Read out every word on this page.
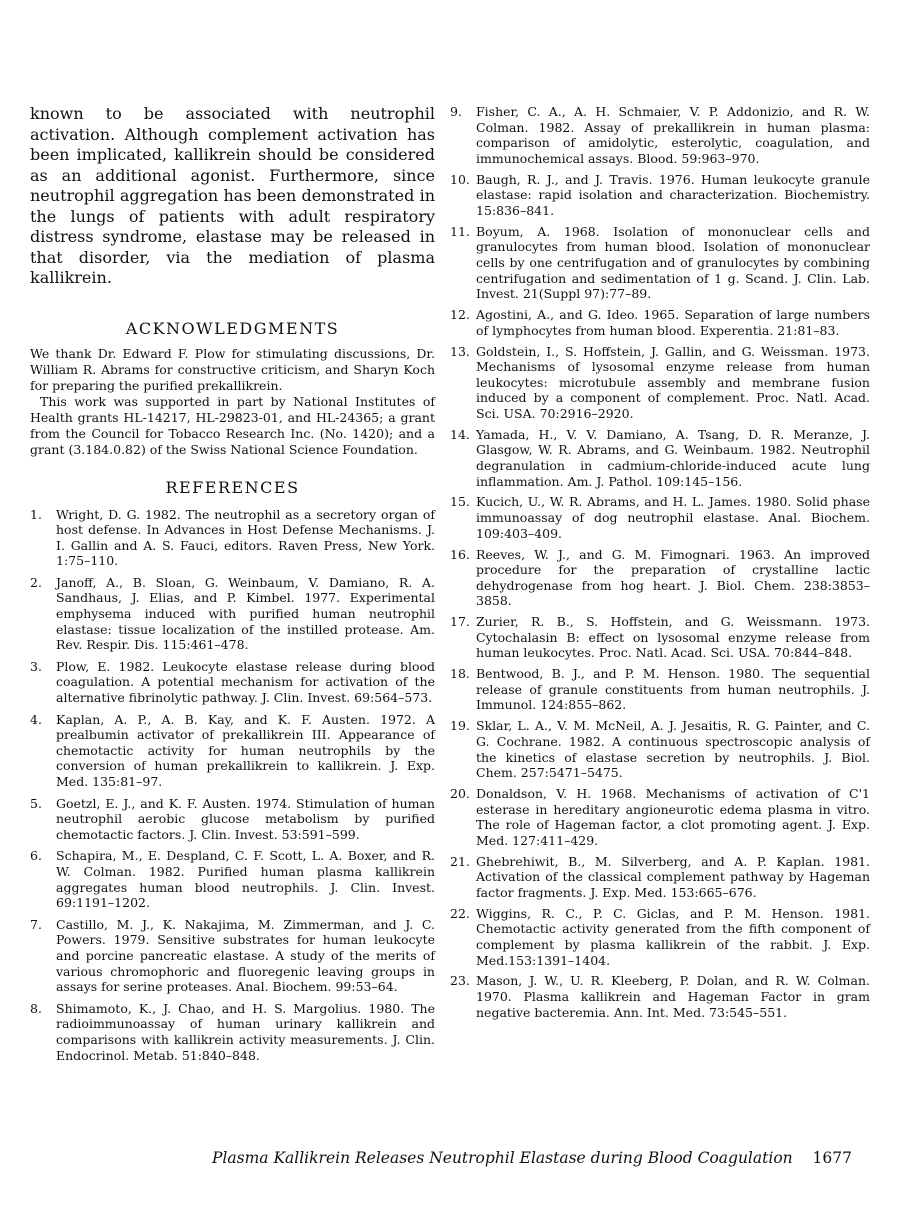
known to be associated with neutrophil activation. Although complement activation has been implicated, kallikrein should be considered as an additional agonist. Furthermore, since neutrophil aggregation has been demonstrated in the lungs of patients with adult respiratory distress syndrome, elastase may be released in that disorder, via the mediation of plasma kallikrein.

ACKNOWLEDGMENTS

We thank Dr. Edward F. Plow for stimulating discussions, Dr. William R. Abrams for constructive criticism, and Sharyn Koch for preparing the purified prekallikrein.

This work was supported in part by National Institutes of Health grants HL-14217, HL-29823-01, and HL-24365; a grant from the Council for Tobacco Research Inc. (No. 1420); and a grant (3.184.0.82) of the Swiss National Science Foundation.

REFERENCES
1.	Wright, D. G. 1982. The neutrophil as a secretory organ of host defense. In Advances in Host Defense Mechanisms. J. I. Gallin and A. S. Fauci, editors. Raven Press, New York. 1:75–110.
2.	Janoff, A., B. Sloan, G. Weinbaum, V. Damiano, R. A. Sandhaus, J. Elias, and P. Kimbel. 1977. Experimental emphysema induced with purified human neutrophil elastase: tissue localization of the instilled protease. Am. Rev. Respir. Dis. 115:461–478.
3.	Plow, E. 1982. Leukocyte elastase release during blood coagulation. A potential mechanism for activation of the alternative fibrinolytic pathway. J. Clin. Invest. 69:564–573.
4.	Kaplan, A. P., A. B. Kay, and K. F. Austen. 1972. A prealbumin activator of prekallikrein III. Appearance of chemotactic activity for human neutrophils by the conversion of human prekallikrein to kallikrein. J. Exp. Med. 135:81–97.
5.	Goetzl, E. J., and K. F. Austen. 1974. Stimulation of human neutrophil aerobic glucose metabolism by purified chemotactic factors. J. Clin. Invest. 53:591–599.
6.	Schapira, M., E. Despland, C. F. Scott, L. A. Boxer, and R. W. Colman. 1982. Purified human plasma kallikrein aggregates human blood neutrophils. J. Clin. Invest. 69:1191–1202.
7.	Castillo, M. J., K. Nakajima, M. Zimmerman, and J. C. Powers. 1979. Sensitive substrates for human leukocyte and porcine pancreatic elastase. A study of the merits of various chromophoric and fluoregenic leaving groups in assays for serine proteases. Anal. Biochem. 99:53–64.
8.	Shimamoto, K., J. Chao, and H. S. Margolius. 1980. The radioimmunoassay of human urinary kallikrein and comparisons with kallikrein activity measurements. J. Clin. Endocrinol. Metab. 51:840–848.
9.	Fisher, C. A., A. H. Schmaier, V. P. Addonizio, and R. W. Colman. 1982. Assay of prekallikrein in human plasma: comparison of amidolytic, esterolytic, coagulation, and immunochemical assays. Blood. 59:963–970.
10. Baugh, R. J., and J. Travis. 1976. Human leukocyte granule elastase: rapid isolation and characterization. Biochemistry. 15:836–841.
11. Boyum, A. 1968. Isolation of mononuclear cells and granulocytes from human blood. Isolation of mononuclear cells by one centrifugation and of granulocytes by combining centrifugation and sedimentation of 1 g. Scand. J. Clin. Lab. Invest. 21(Suppl 97):77–89.
12. Agostini, A., and G. Ideo. 1965. Separation of large numbers of lymphocytes from human blood. Experentia. 21:81–83.
13. Goldstein, I., S. Hoffstein, J. Gallin, and G. Weissman. 1973. Mechanisms of lysosomal enzyme release from human leukocytes: microtubule assembly and membrane fusion induced by a component of complement. Proc. Natl. Acad. Sci. USA. 70:2916–2920.
14. Yamada, H., V. V. Damiano, A. Tsang, D. R. Meranze, J. Glasgow, W. R. Abrams, and G. Weinbaum. 1982. Neutrophil degranulation in cadmium-chloride-induced acute lung inflammation. Am. J. Pathol. 109:145–156.
15. Kucich, U., W. R. Abrams, and H. L. James. 1980. Solid phase immunoassay of dog neutrophil elastase. Anal. Biochem. 109:403–409.
16. Reeves, W. J., and G. M. Fimognari. 1963. An improved procedure for the preparation of crystalline lactic dehydrogenase from hog heart. J. Biol. Chem. 238:3853–3858.
17. Zurier, R. B., S. Hoffstein, and G. Weissmann. 1973. Cytochalasin B: effect on lysosomal enzyme release from human leukocytes. Proc. Natl. Acad. Sci. USA. 70:844–848.
18. Bentwood, B. J., and P. M. Henson. 1980. The sequential release of granule constituents from human neutrophils. J. Immunol. 124:855–862.
19. Sklar, L. A., V. M. McNeil, A. J. Jesaitis, R. G. Painter, and C. G. Cochrane. 1982. A continuous spectroscopic analysis of the kinetics of elastase secretion by neutrophils. J. Biol. Chem. 257:5471–5475.
20. Donaldson, V. H. 1968. Mechanisms of activation of C'1 esterase in hereditary angioneurotic edema plasma in vitro. The role of Hageman factor, a clot promoting agent. J. Exp. Med. 127:411–429.
21. Ghebrehiwit, B., M. Silverberg, and A. P. Kaplan. 1981. Activation of the classical complement pathway by Hageman factor fragments. J. Exp. Med. 153:665–676.
22. Wiggins, R. C., P. C. Giclas, and P. M. Henson. 1981. Chemotactic activity generated from the fifth component of complement by plasma kallikrein of the rabbit. J. Exp. Med.153:1391–1404.
23. Mason, J. W., U. R. Kleeberg, P. Dolan, and R. W. Colman. 1970. Plasma kallikrein and Hageman Factor in gram negative bacteremia. Ann. Int. Med. 73:545–551.
Plasma Kallikrein Releases Neutrophil Elastase during Blood Coagulation 1677
